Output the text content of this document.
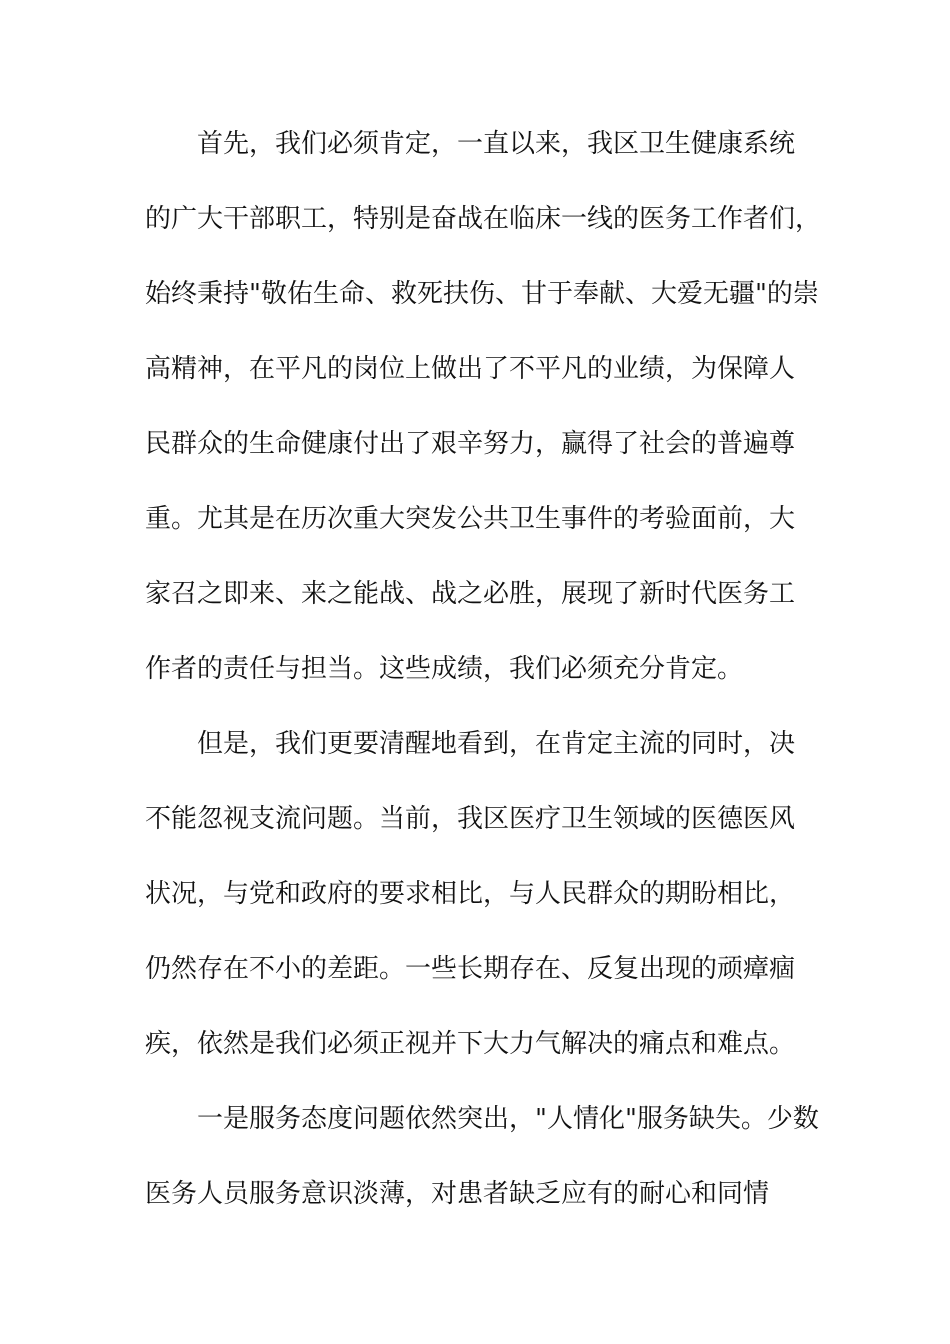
首先，我们必须肯定，一直以来，我区卫生健康系统
的广大干部职工，特别是奋战在临床一线的医务工作者们，
始终秉持"敬佑生命、救死扶伤、甘于奉献、大爱无疆"的崇
高精神，在平凡的岗位上做出了不平凡的业绩，为保障人
民群众的生命健康付出了艰辛努力，赢得了社会的普遍尊
重。尤其是在历次重大突发公共卫生事件的考验面前，大
家召之即来、来之能战、战之必胜，展现了新时代医务工
作者的责任与担当。这些成绩，我们必须充分肯定。
但是，我们更要清醒地看到，在肯定主流的同时，决
不能忽视支流问题。当前，我区医疗卫生领域的医德医风
状况，与党和政府的要求相比，与人民群众的期盼相比，
仍然存在不小的差距。一些长期存在、反复出现的顽瘴痼
疾，依然是我们必须正视并下大力气解决的痛点和难点。
一是服务态度问题依然突出，"人情化"服务缺失。少数
医务人员服务意识淡薄，对患者缺乏应有的耐心和同情
